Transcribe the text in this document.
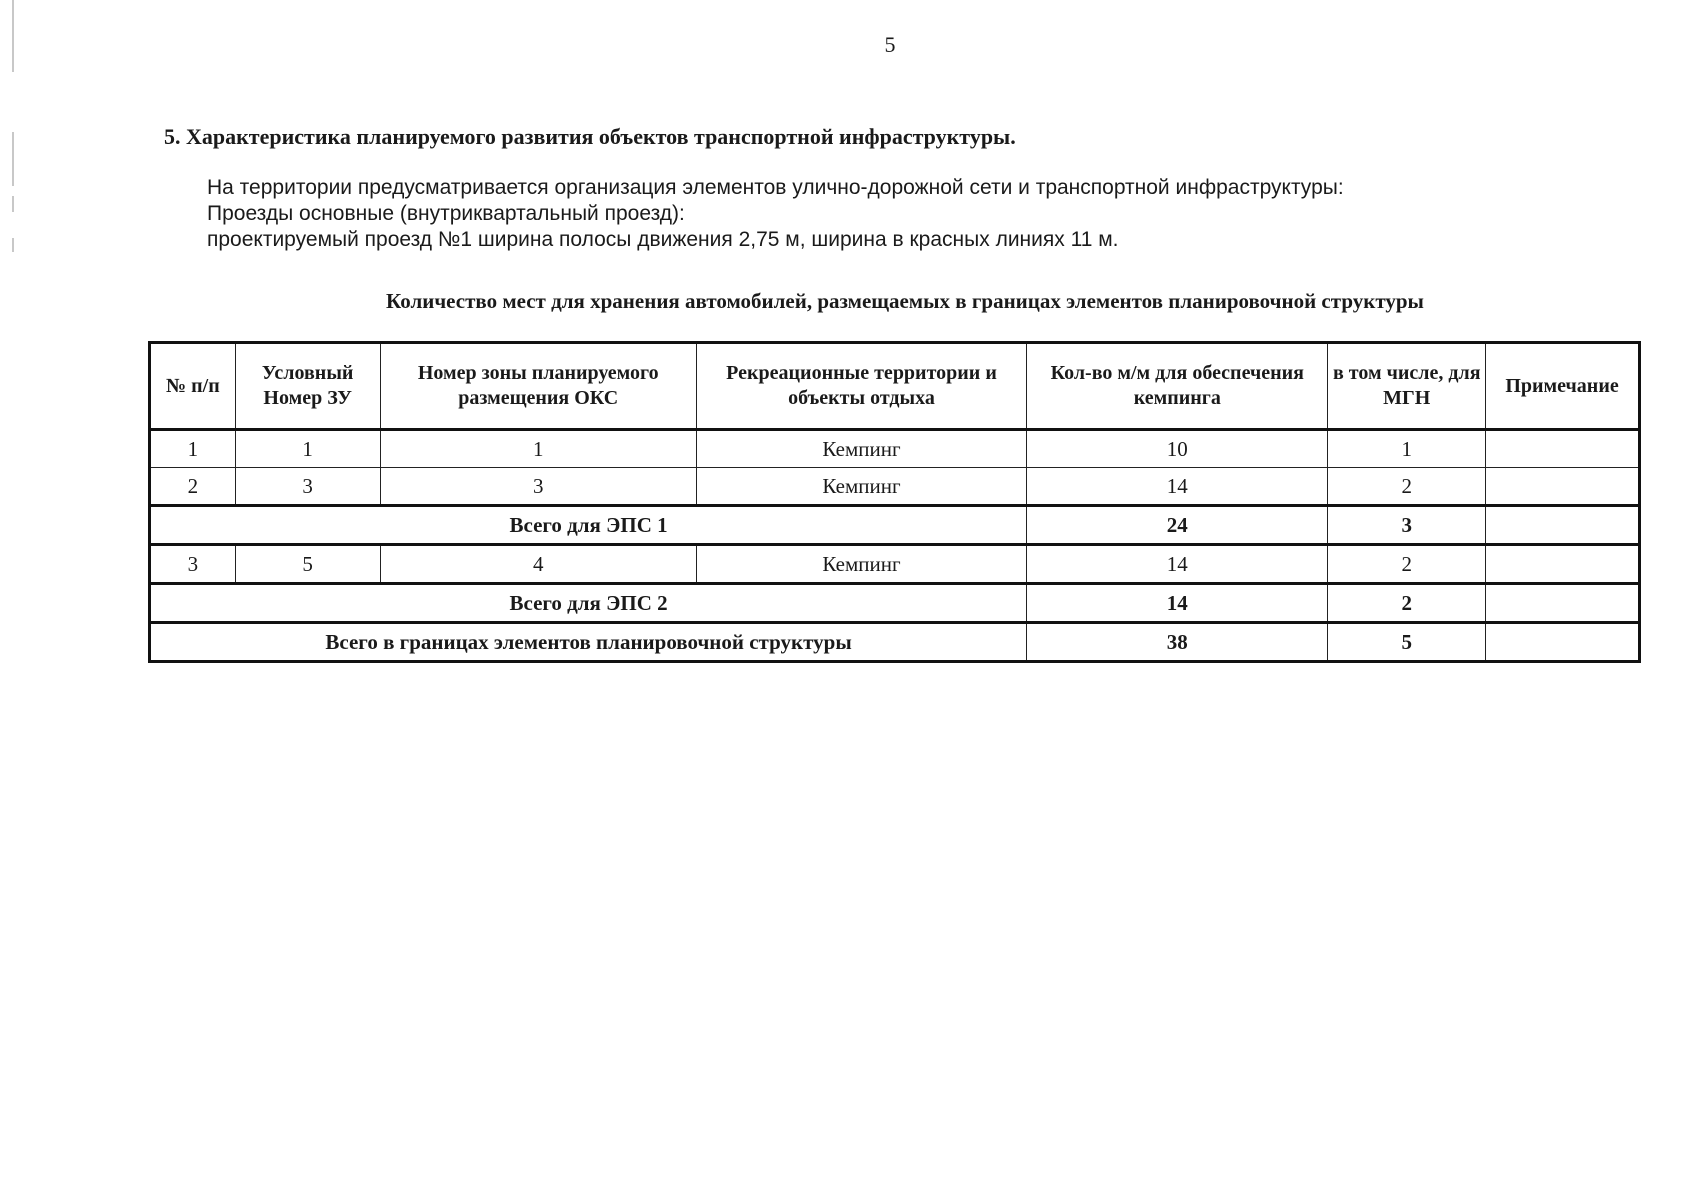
5
5. Характеристика планируемого развития объектов транспортной инфраструктуры.
На территории предусматривается организация элементов улично-дорожной сети и транспортной инфраструктуры:
Проезды основные (внутриквартальный проезд):
проектируемый проезд №1 ширина полосы движения 2,75 м, ширина в красных линиях 11 м.
Количество мест для хранения автомобилей, размещаемых в границах элементов планировочной структуры
№ п/п	Условный Номер ЗУ	Номер зоны планируемого размещения ОКС	Рекреационные территории и объекты отдыха	Кол-во м/м для обеспечения кемпинга	в том числе, для МГН	Примечание
1	1	1	Кемпинг	10	1	
2	3	3	Кемпинг	14	2	
Всего для ЭПС 1				24	3	
3	5	4	Кемпинг	14	2	
Всего для ЭПС 2				14	2	
Всего в границах элементов планировочной структуры				38	5	
